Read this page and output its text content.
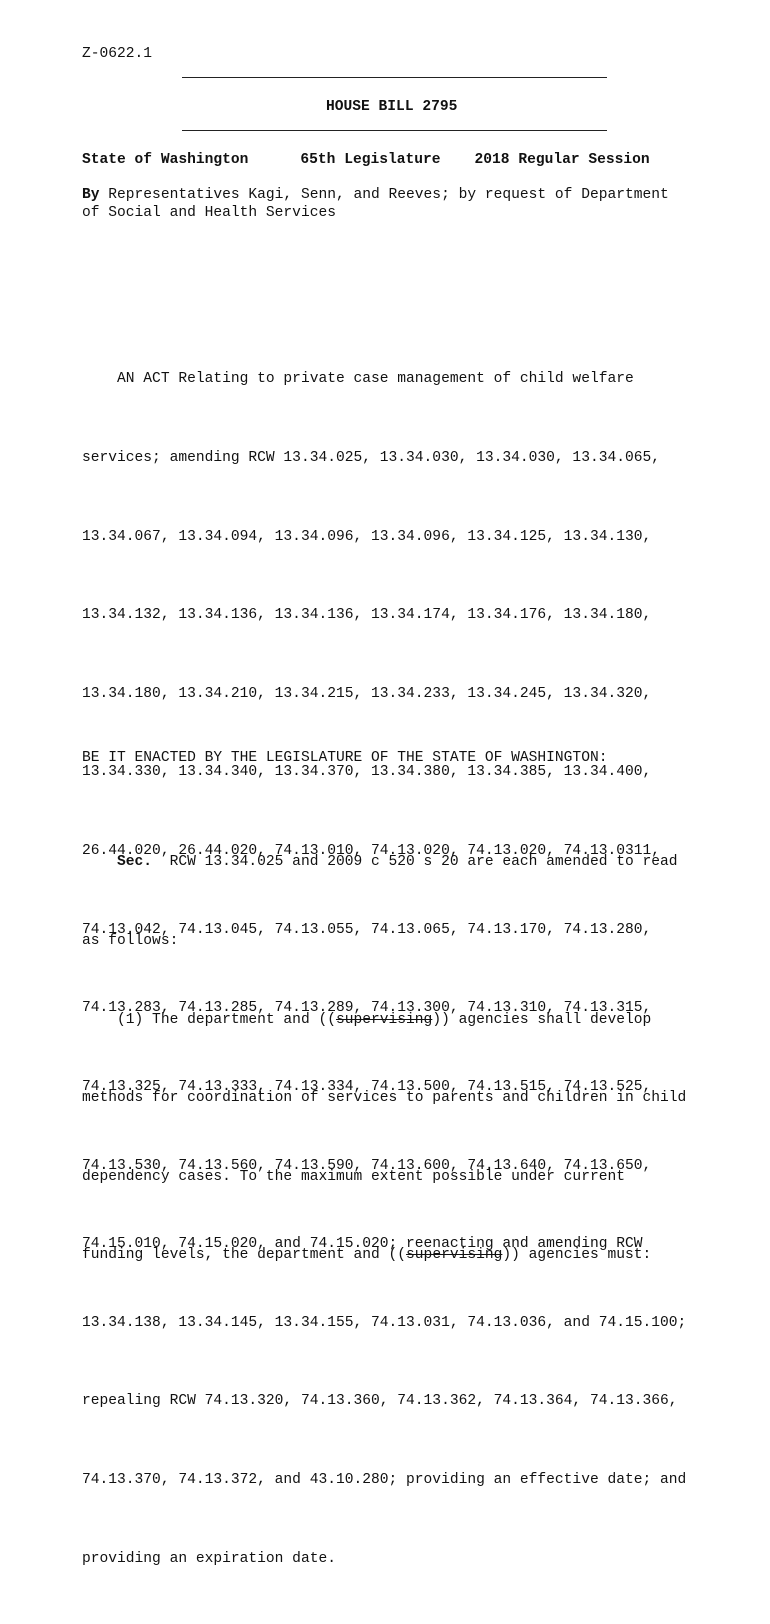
Z-0622.1
HOUSE BILL 2795
State of Washington	65th Legislature 2018 Regular Session
By Representatives Kagi, Senn, and Reeves; by request of Department
of Social and Health Services

AN ACT Relating to private case management of child welfare

services; amending RCW 13.34.025, 13.34.030, 13.34.030, 13.34.065,

13.34.067, 13.34.094, 13.34.096, 13.34.096, 13.34.125, 13.34.130,

13.34.132, 13.34.136, 13.34.136, 13.34.174, 13.34.176, 13.34.180,

13.34.180, 13.34.210, 13.34.215, 13.34.233, 13.34.245, 13.34.320,

13.34.330, 13.34.340, 13.34.370, 13.34.380, 13.34.385, 13.34.400,

26.44.020, 26.44.020, 74.13.010, 74.13.020, 74.13.020, 74.13.0311,

74.13.042, 74.13.045, 74.13.055, 74.13.065, 74.13.170, 74.13.280,

74.13.283, 74.13.285, 74.13.289, 74.13.300, 74.13.310, 74.13.315,

74.13.325, 74.13.333, 74.13.334, 74.13.500, 74.13.515, 74.13.525,

74.13.530, 74.13.560, 74.13.590, 74.13.600, 74.13.640, 74.13.650,

74.15.010, 74.15.020, and 74.15.020; reenacting and amending RCW

13.34.138, 13.34.145, 13.34.155, 74.13.031, 74.13.036, and 74.15.100;

repealing RCW 74.13.320, 74.13.360, 74.13.362, 74.13.364, 74.13.366,

74.13.370, 74.13.372, and 43.10.280; providing an effective date; and

providing an expiration date.

BE IT ENACTED BY THE LEGISLATURE OF THE STATE OF WASHINGTON:

Sec.  RCW 13.34.025 and 2009 c 520 s 20 are each amended to read

as follows:

(1) The department and ((supervising)) agencies shall develop

methods for coordination of services to parents and children in child

dependency cases. To the maximum extent possible under current

funding levels, the department and ((supervising)) agencies must:
